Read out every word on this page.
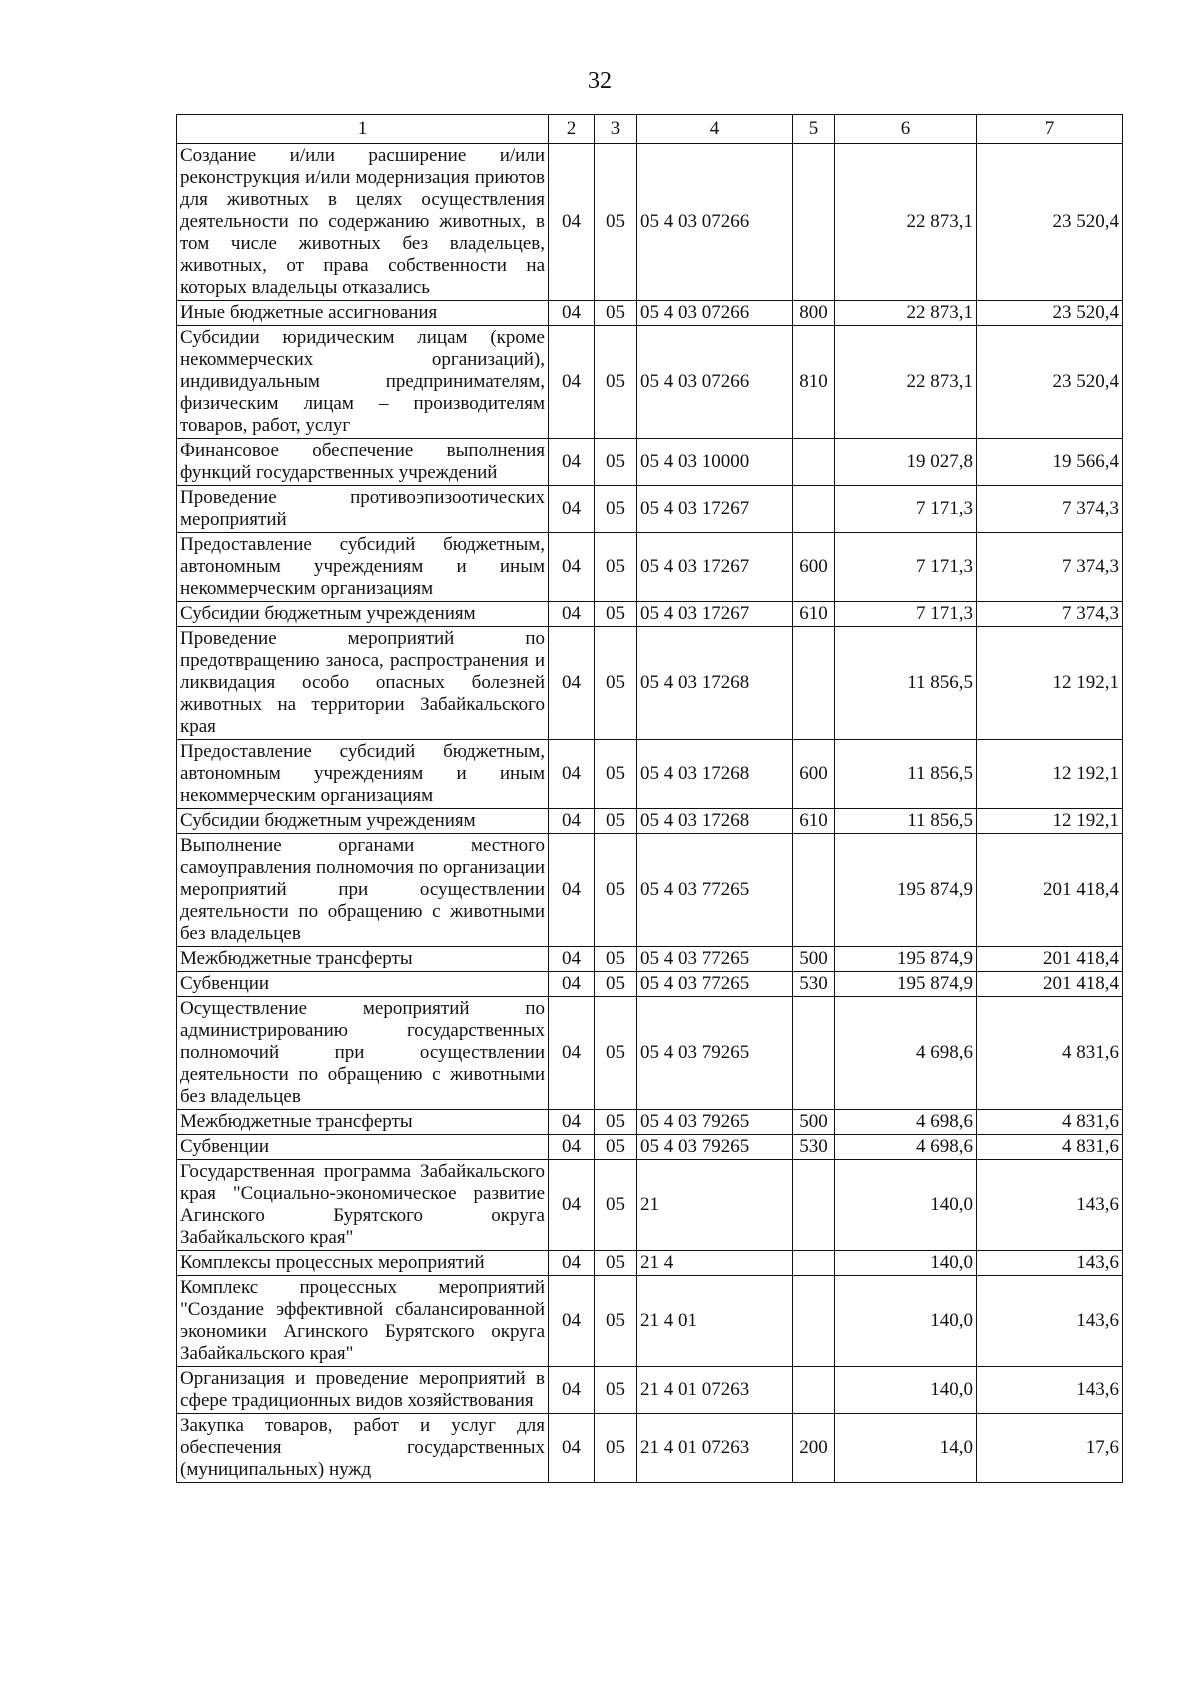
32
1	2	3	4	5	6	7
Создание и/или расширение и/или реконструкция и/или модернизация приютов для животных в целях осуществления деятельности по содержанию животных, в том числе животных без владельцев, животных, от права собственности на которых владельцы отказались	04	05	05 4 03 07266		22 873,1	23 520,4
Иные бюджетные ассигнования	04	05	05 4 03 07266	800	22 873,1	23 520,4
Субсидии юридическим лицам (кроме некоммерческих организаций), индивидуальным предпринимателям, физическим лицам – производителям товаров, работ, услуг	04	05	05 4 03 07266	810	22 873,1	23 520,4
Финансовое обеспечение выполнения функций государственных учреждений	04	05	05 4 03 10000		19 027,8	19 566,4
Проведение противоэпизоотических мероприятий	04	05	05 4 03 17267		7 171,3	7 374,3
Предоставление субсидий бюджетным, автономным учреждениям и иным некоммерческим организациям	04	05	05 4 03 17267	600	7 171,3	7 374,3
Субсидии бюджетным учреждениям	04	05	05 4 03 17267	610	7 171,3	7 374,3
Проведение мероприятий по предотвращению заноса, распространения и ликвидация особо опасных болезней животных на территории Забайкальского края	04	05	05 4 03 17268		11 856,5	12 192,1
Предоставление субсидий бюджетным, автономным учреждениям и иным некоммерческим организациям	04	05	05 4 03 17268	600	11 856,5	12 192,1
Субсидии бюджетным учреждениям	04	05	05 4 03 17268	610	11 856,5	12 192,1
Выполнение органами местного самоуправления полномочия по организации мероприятий при осуществлении деятельности по обращению с животными без владельцев	04	05	05 4 03 77265		195 874,9	201 418,4
Межбюджетные трансферты	04	05	05 4 03 77265	500	195 874,9	201 418,4
Субвенции	04	05	05 4 03 77265	530	195 874,9	201 418,4
Осуществление мероприятий по администрированию государственных полномочий при осуществлении деятельности по обращению с животными без владельцев	04	05	05 4 03 79265		4 698,6	4 831,6
Межбюджетные трансферты	04	05	05 4 03 79265	500	4 698,6	4 831,6
Субвенции	04	05	05 4 03 79265	530	4 698,6	4 831,6
Государственная программа Забайкальского края "Социально-экономическое развитие Агинского Бурятского округа Забайкальского края"	04	05	21		140,0	143,6
Комплексы процессных мероприятий	04	05	21 4		140,0	143,6
Комплекс процессных мероприятий "Создание эффективной сбалансированной экономики Агинского Бурятского округа Забайкальского края"	04	05	21 4 01		140,0	143,6
Организация и проведение мероприятий в сфере традиционных видов хозяйствования	04	05	21 4 01 07263		140,0	143,6
Закупка товаров, работ и услуг для обеспечения государственных (муниципальных) нужд	04	05	21 4 01 07263	200	14,0	17,6
